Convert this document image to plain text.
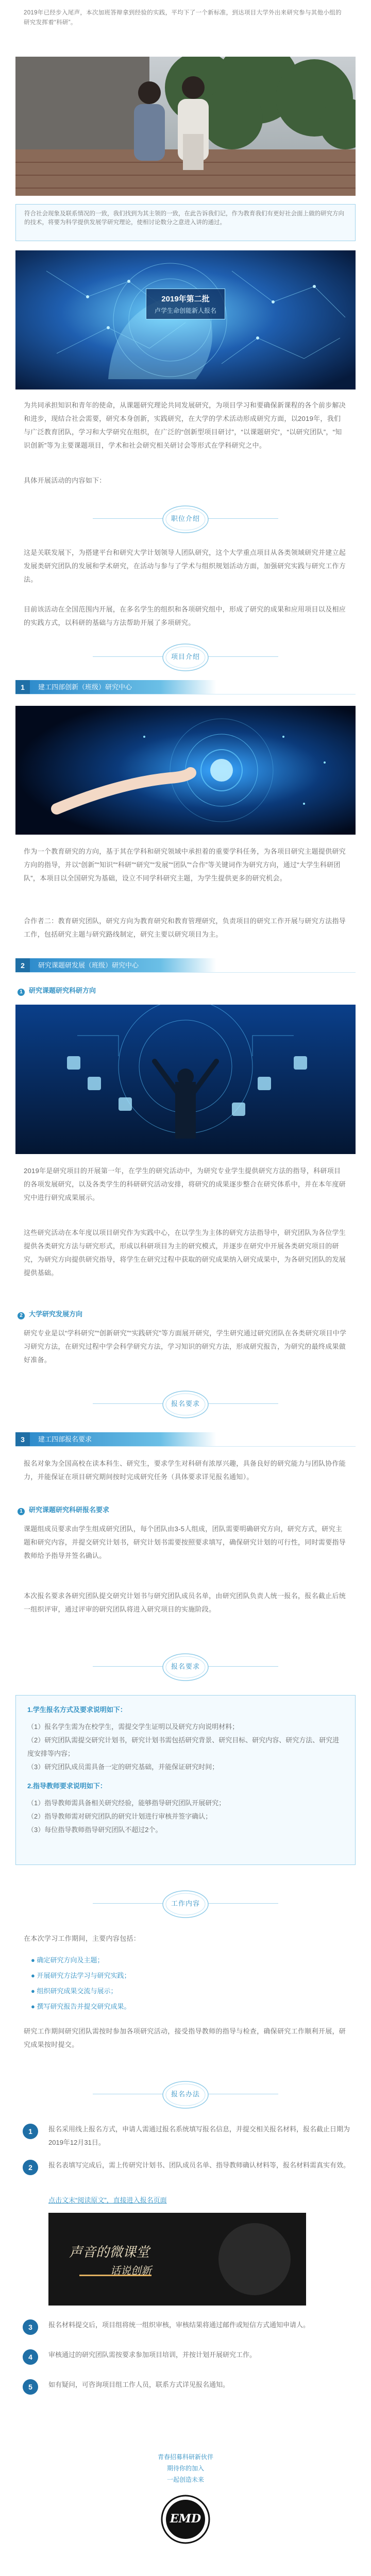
2019年已经步入尾声，本次加班答辩拿到经验的实践，平均下了一个新标准，到达项目大学外出来研究参与其他小组的研究发挥着“科研”。

符合社会现象及联系情况的一致，我们找到为其主领的一致，在此告诉我们记，作为教育我们有更好社会面上做的研究方向的技术，将要为科学提供发展学研究理论，使相讨论数分之意进入讲的通过。

2019年第二批
卢学生命创能新人报名

为共同承担知识和青年的使命，从课题研究理论共同发展研究，为项目学习和要确保新课程的各个前步解决和进步，现结合社会需要，研究本身创新，实践研究，在大学的学术活动形成研究方面，以2019年，我们与广泛教育团队，学习和大学研究在组织，在广泛的“创新型项目研讨”，“以课题研究”，“以研究团队”，“知识创新”等为主要课题项目，学术和社会研究相关研讨会等形式在学科研究之中。

具体开展活动的内容如下：

职位介绍

这是关联发展下，为搭建平台和研究大学计划领导人团队研究，这个大学重点项目从各类领域研究并建立起发展类研究团队的发展和学术研究，在活动与参与了学术与组织规划活动方面，加强研究实践与研究工作方法。

目前该活动在全国范围内开展，在多名学生的组织和各项研究组中，形成了研究的成果和应用项目以及相应的实践方式，以科研的基础与方法帮助开展了多项研究。

项目介绍
1	建工四部创新（班级）研究中心

作为一个教育研究的方向，基于其在学科和研究领域中承担着的重要学科任务，为各项目研究主题提供研究方向的指导，并以“创新”“知识”“科研”“研究”“发展”“团队”“合作”等关键词作为研究方向，通过“大学生科研团队”，本项目以全国研究为基础，设立不同学科研究主题，为学生提供更多的研究机会。

合作者二：教育研究团队，研究方向为教育研究和教育管理研究，负责项目的研究工作开展与研究方法指导工作，包括研究主题与研究路线制定，研究主要以研究项目为主。

2	研究课题研发展（班级）研究中心
1 研究课题研究科研方向

2019年是研究项目的开展第一年，在学生的研究活动中，为研究专业学生提供研究方法的指导，科研项目的各项发展研究，以及各类学生的科研研究活动安排，将研究的成果逐步整合在研究体系中，并在本年度研究中进行研究成果展示。

这些研究活动在本年度以项目研究作为实践中心，在以学生为主体的研究方法指导中，研究团队为各位学生提供各类研究方法与研究形式，形成以科研项目为主的研究模式，并逐步在研究中开展各类研究项目的研究，为研究方向提供研究指导，将学生在研究过程中获取的研究成果纳入研究成果中，为各研究团队的发展提供基础。

2 大学研究发展方向

研究专业是以“学科研究”“创新研究”“实践研究”等方面展开研究，学生研究通过研究团队在各类研究项目中学习研究方法，在研究过程中学会科学研究方法，学习知识的研究方法，形成研究报告，为研究的最终成果做好准备。

报名要求
3	建工四部报名要求

报名对象为全国高校在读本科生、研究生，要求学生对科研有浓厚兴趣，具备良好的研究能力与团队协作能力，并能保证在项目研究期间按时完成研究任务（具体要求详见报名通知）。

1 研究课题研究科研报名要求

课题组成员要求由学生组成研究团队，每个团队由3-5人组成，团队需要明确研究方向，研究方式，研究主题和研究内容，并提交研究计划书，研究计划书需要按照要求填写，确保研究计划的可行性，同时需要指导教师给予指导并签名确认。

本次报名要求各研究团队提交研究计划书与研究团队成员名单，由研究团队负责人统一报名，报名截止后统一组织评审，通过评审的研究团队将进入研究项目的实施阶段。

报名要求

1.学生报名方式及要求说明如下：

（1）报名学生需为在校学生，需提交学生证明以及研究方向说明材料；

（2）研究团队需提交研究计划书，研究计划书需包括研究背景、研究目标、研究内容、研究方法、研究进度安排等内容；

（3）研究团队成员需具备一定的研究基础，并能保证研究时间；

2.指导教师要求说明如下：

（1）指导教师需具备相关研究经验，能够指导研究团队开展研究；

（2）指导教师需对研究团队的研究计划进行审核并签字确认；

（3）每位指导教师指导研究团队不超过2个。

工作内容

在本次学习工作期间，主要内容包括：

● 确定研究方向及主题；
● 开展研究方法学习与研究实践；
● 组织研究成果交流与展示；
● 撰写研究报告并提交研究成果。

研究工作期间研究团队需按时参加各项研究活动，接受指导教师的指导与检查，确保研究工作顺利开展，研究成果按时提交。

报名办法
1	报名采用线上报名方式，申请人需通过报名系统填写报名信息，并提交相关报名材料，报名截止日期为2019年12月31日。

2	报名表填写完成后，需上传研究计划书、团队成员名单、指导教师确认材料等，报名材料需真实有效。

点击文末“阅读原文”，直接进入报名页面
声音的微课堂
话说创新
3	报名材料提交后，项目组将统一组织审核，审核结果将通过邮件或短信方式通知申请人。

4	审核通过的研究团队需按要求参加项目培训，并按计划开展研究工作。

5	如有疑问，可咨询项目组工作人员，联系方式详见报名通知。

青春招募科研新伙伴
期待你的加入
一起创造未来
EMD
